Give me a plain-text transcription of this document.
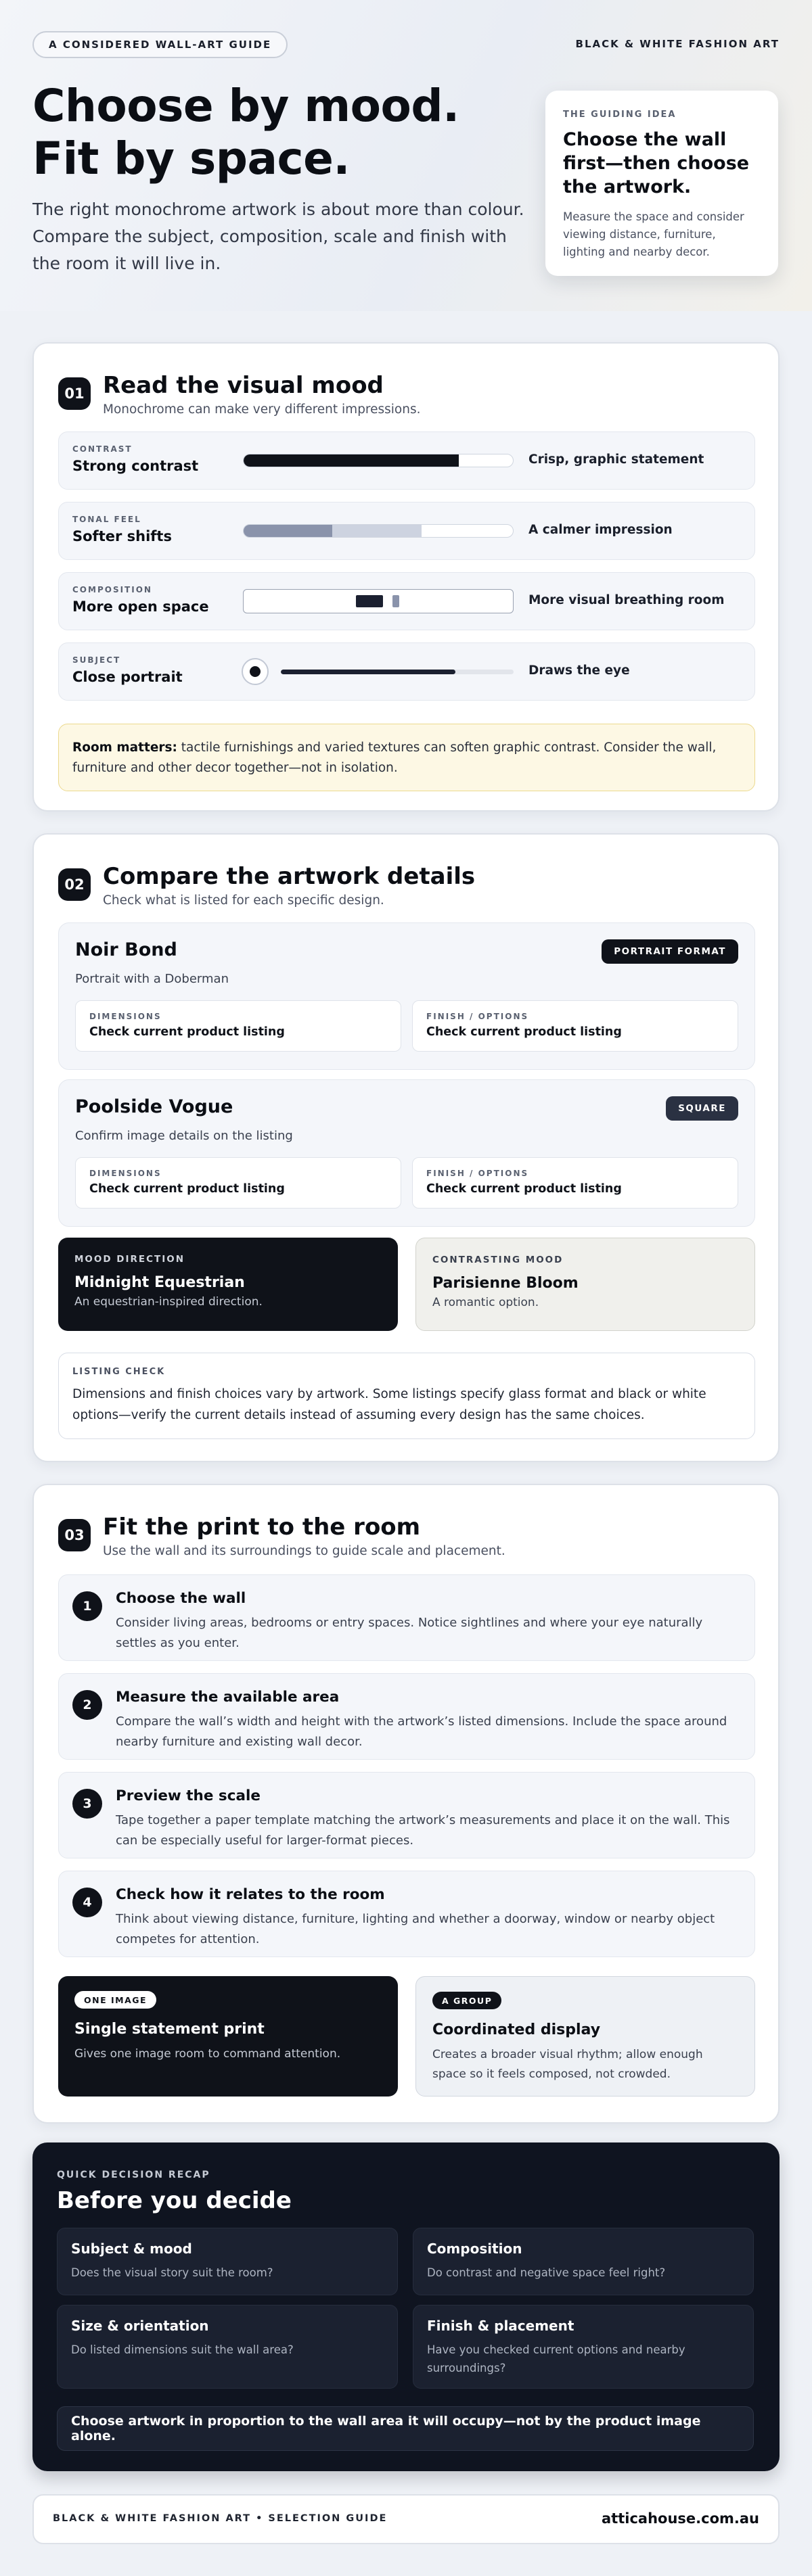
A CONSIDERED WALL-ART GUIDE	BLACK & WHITE FASHION ART
Choose by mood.
Fit by space.

The right monochrome artwork is about more than colour. Compare the subject, composition, scale and finish with the room it will live in.

THE GUIDING IDEA
Choose the wall first—then choose the artwork.
Measure the space and consider viewing distance, furniture, lighting and nearby decor.
01 Read the visual mood
Monochrome can make very different impressions.
CONTRAST
Strong contrast	Crisp, graphic statement
TONAL FEEL
Softer shifts	A calmer impression
COMPOSITION
More open space	More visual breathing room
SUBJECT
Close portrait	Draws the eye
Room matters: tactile furnishings and varied textures can soften graphic contrast. Consider the wall, furniture and other decor together—not in isolation.
02 Compare the artwork details
Check what is listed for each specific design.
Noir Bond
Portrait with a Doberman
PORTRAIT FORMAT
DIMENSIONS
Check current product listing
FINISH / OPTIONS
Check current product listing
Poolside Vogue
Confirm image details on the listing
SQUARE
DIMENSIONS
Check current product listing
FINISH / OPTIONS
Check current product listing
MOOD DIRECTION
Midnight Equestrian
An equestrian-inspired direction.
CONTRASTING MOOD
Parisienne Bloom
A romantic option.
LISTING CHECK
Dimensions and finish choices vary by artwork. Some listings specify glass format and black or white options—verify the current details instead of assuming every design has the same choices.
03 Fit the print to the room
Use the wall and its surroundings to guide scale and placement.
1	Choose the wall
Consider living areas, bedrooms or entry spaces. Notice sightlines and where your eye naturally settles as you enter.
2	Measure the available area
Compare the wall’s width and height with the artwork’s listed dimensions. Include the space around nearby furniture and existing wall decor.
3	Preview the scale
Tape together a paper template matching the artwork’s measurements and place it on the wall. This can be especially useful for larger-format pieces.
4	Check how it relates to the room
Think about viewing distance, furniture, lighting and whether a doorway, window or nearby object competes for attention.
ONE IMAGE
Single statement print
Gives one image room to command attention.
A GROUP
Coordinated display
Creates a broader visual rhythm; allow enough space so it feels composed, not crowded.
QUICK DECISION RECAP
Before you decide
Subject & mood
Does the visual story suit the room?
Composition
Do contrast and negative space feel right?
Size & orientation
Do listed dimensions suit the wall area?
Finish & placement
Have you checked current options and nearby surroundings?
Choose artwork in proportion to the wall area it will occupy—not by the product image alone.
BLACK & WHITE FASHION ART • SELECTION GUIDE	atticahouse.com.au
